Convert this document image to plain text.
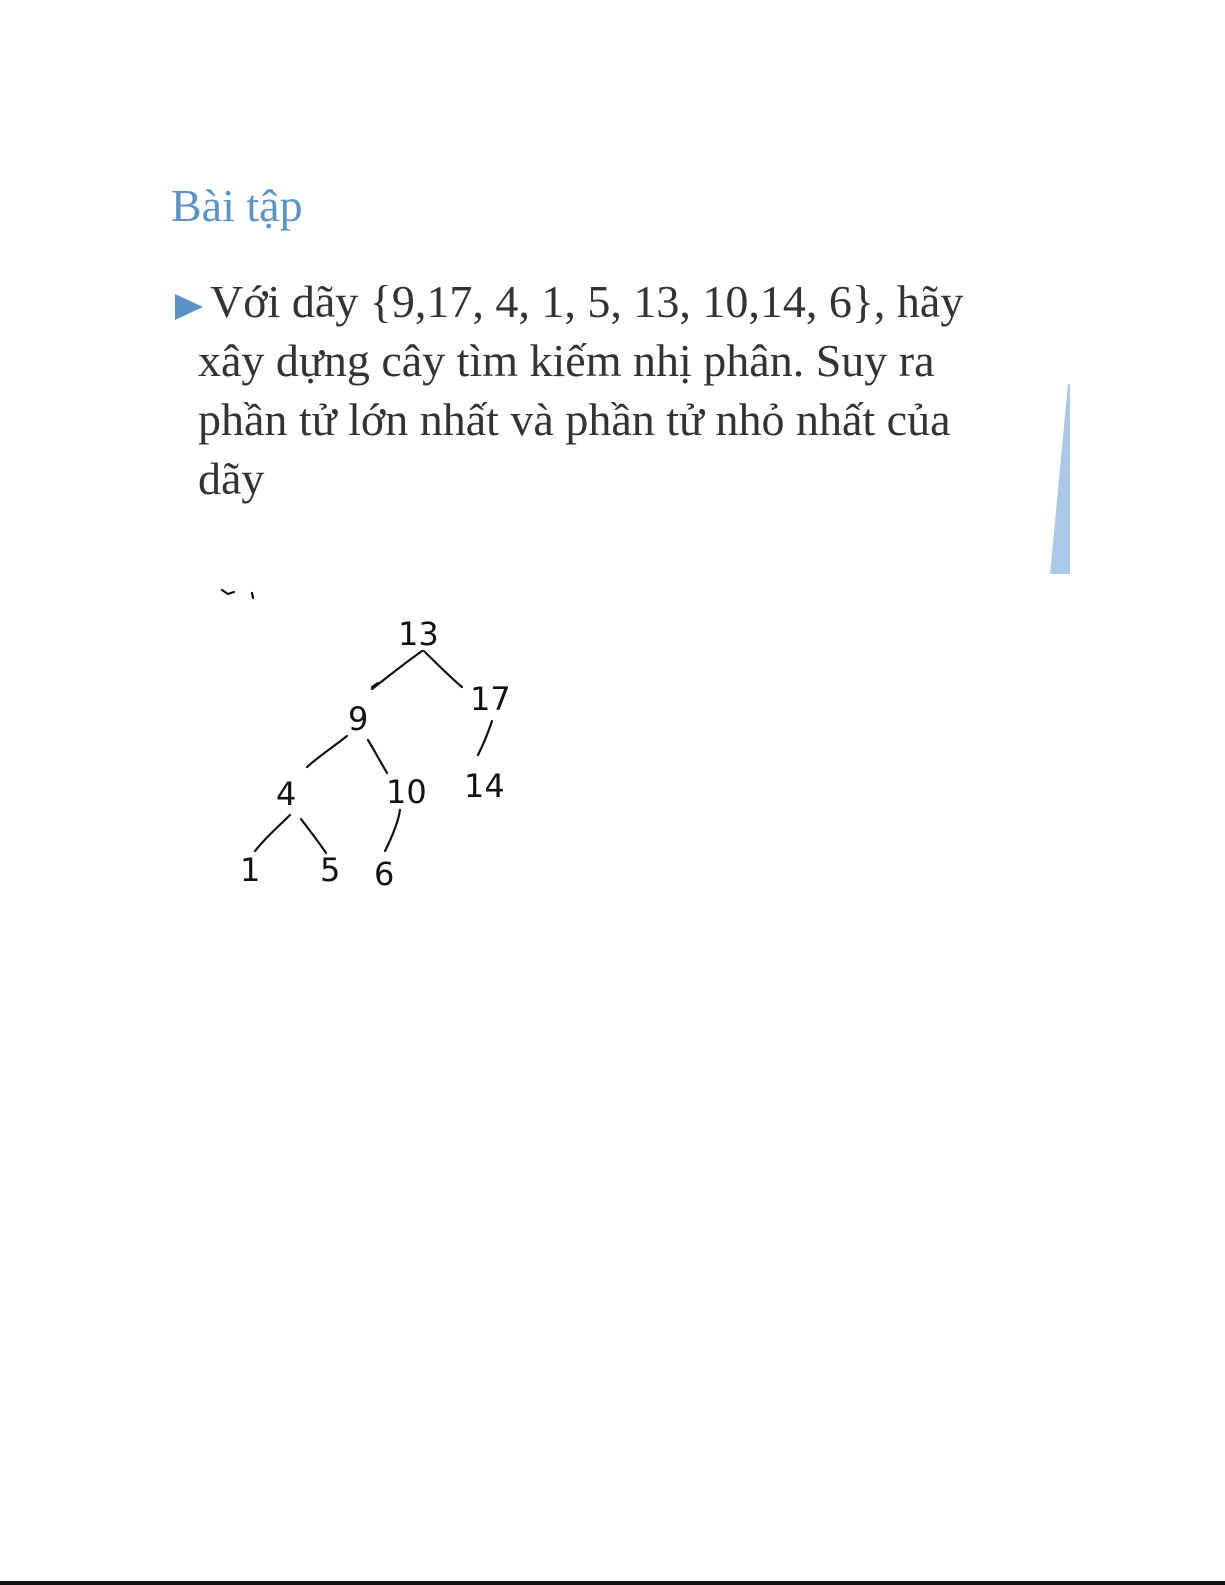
Bài tập
Với dãy {9,17, 4, 1, 5, 13, 10,14, 6}, hãy
xây dựng cây tìm kiếm nhị phân. Suy ra
phần tử lớn nhất và phần tử nhỏ nhất của
dãy
13
9
17
4	10 14
1 5 6
